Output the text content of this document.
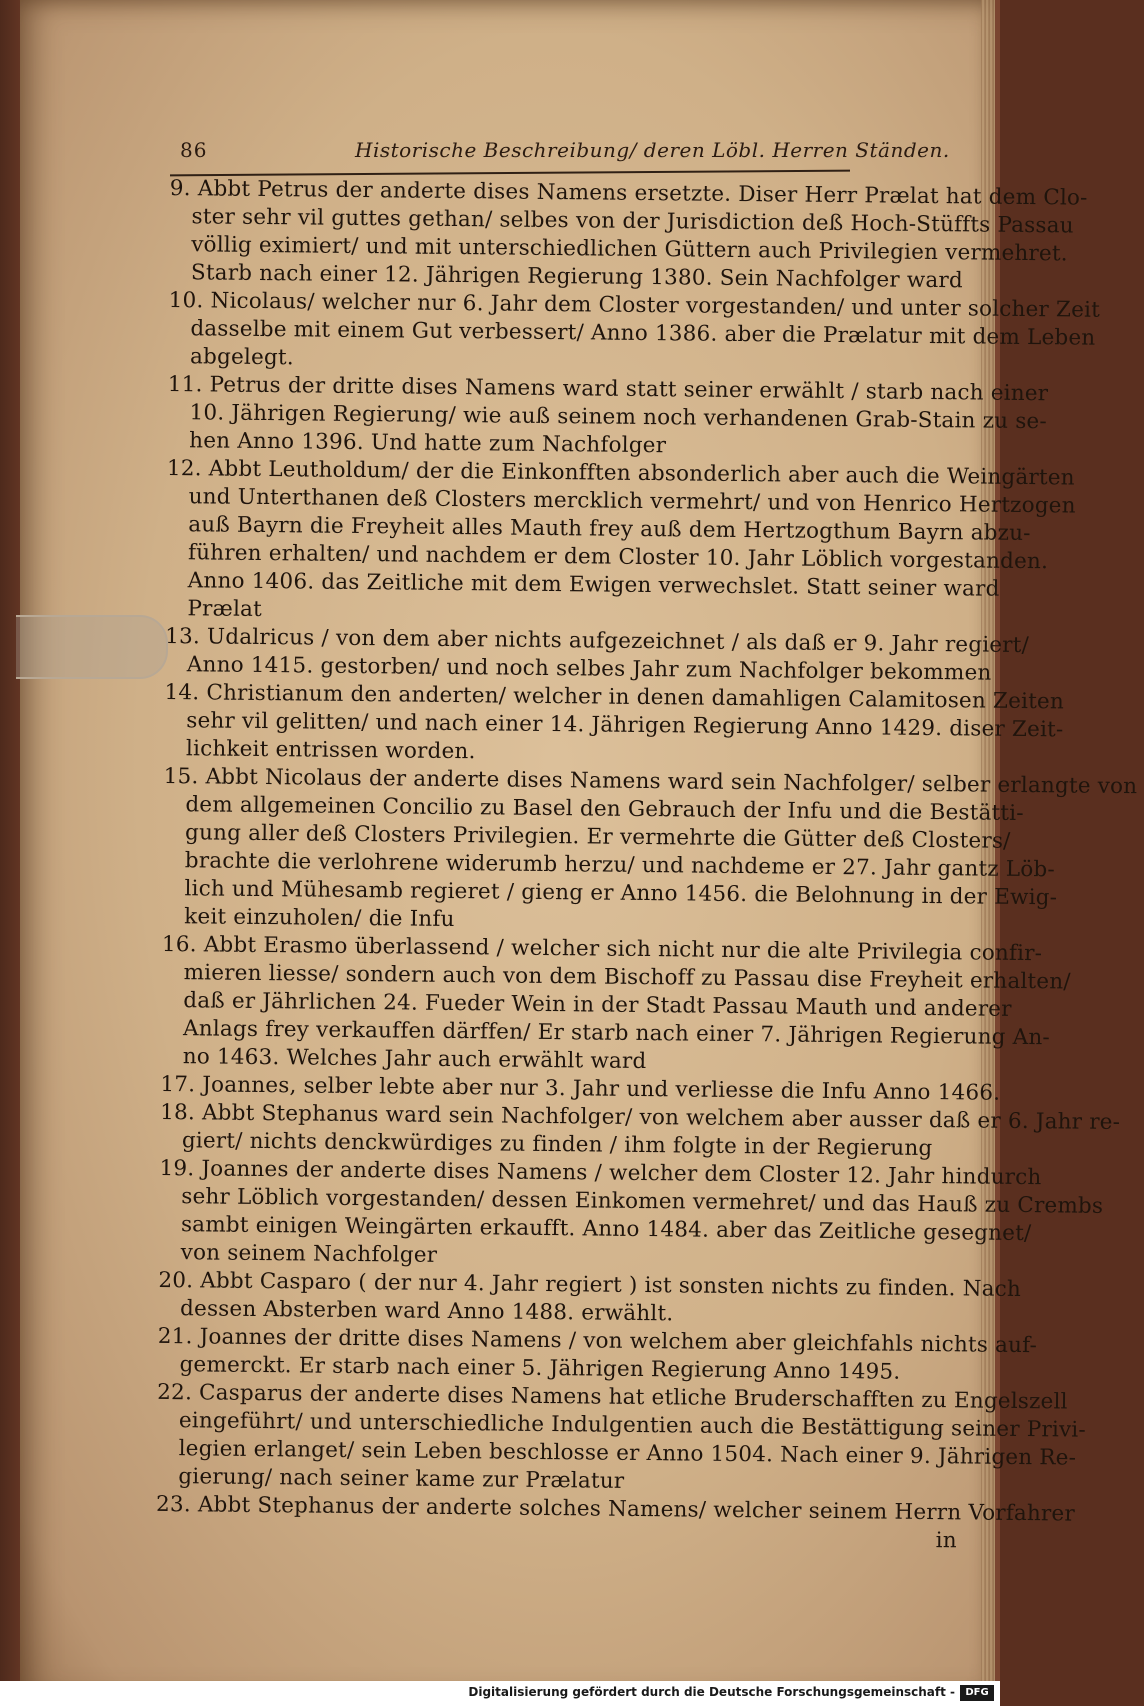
86	Historische Beschreibung/ deren Löbl. Herren Ständen.
9. Abbt Petrus der anderte dises Namens ersetzte. Diser Herr Prælat hat dem Clo-
ster sehr vil guttes gethan/ selbes von der Jurisdiction deß Hoch-Stüffts Passau
völlig eximiert/ und mit unterschiedlichen Güttern auch Privilegien vermehret.
Starb nach einer 12. Jährigen Regierung 1380. Sein Nachfolger ward
10. Nicolaus/ welcher nur 6. Jahr dem Closter vorgestanden/ und unter solcher Zeit
dasselbe mit einem Gut verbessert/ Anno 1386. aber die Prælatur mit dem Leben
abgelegt.
11. Petrus der dritte dises Namens ward statt seiner erwählt / starb nach einer
10. Jährigen Regierung/ wie auß seinem noch verhandenen Grab-Stain zu se-
hen Anno 1396. Und hatte zum Nachfolger
12. Abbt Leutholdum/ der die Einkonfften absonderlich aber auch die Weingärten
und Unterthanen deß Closters mercklich vermehrt/ und von Henrico Hertzogen
auß Bayrn die Freyheit alles Mauth frey auß dem Hertzogthum Bayrn abzu-
führen erhalten/ und nachdem er dem Closter 10. Jahr Löblich vorgestanden.
Anno 1406. das Zeitliche mit dem Ewigen verwechslet. Statt seiner ward
Prælat
13. Udalricus / von dem aber nichts aufgezeichnet / als daß er 9. Jahr regiert/
Anno 1415. gestorben/ und noch selbes Jahr zum Nachfolger bekommen
14. Christianum den anderten/ welcher in denen damahligen Calamitosen Zeiten
sehr vil gelitten/ und nach einer 14. Jährigen Regierung Anno 1429. diser Zeit-
lichkeit entrissen worden.
15. Abbt Nicolaus der anderte dises Namens ward sein Nachfolger/ selber erlangte von
dem allgemeinen Concilio zu Basel den Gebrauch der Infu und die Bestätti-
gung aller deß Closters Privilegien. Er vermehrte die Gütter deß Closters/
brachte die verlohrene widerumb herzu/ und nachdeme er 27. Jahr gantz Löb-
lich und Mühesamb regieret / gieng er Anno 1456. die Belohnung in der Ewig-
keit einzuholen/ die Infu
16. Abbt Erasmo überlassend / welcher sich nicht nur die alte Privilegia confir-
mieren liesse/ sondern auch von dem Bischoff zu Passau dise Freyheit erhalten/
daß er Jährlichen 24. Fueder Wein in der Stadt Passau Mauth und anderer
Anlags frey verkauffen därffen/ Er starb nach einer 7. Jährigen Regierung An-
no 1463. Welches Jahr auch erwählt ward
17. Joannes, selber lebte aber nur 3. Jahr und verliesse die Infu Anno 1466.
18. Abbt Stephanus ward sein Nachfolger/ von welchem aber ausser daß er 6. Jahr re-
giert/ nichts denckwürdiges zu finden / ihm folgte in der Regierung
19. Joannes der anderte dises Namens / welcher dem Closter 12. Jahr hindurch
sehr Löblich vorgestanden/ dessen Einkomen vermehret/ und das Hauß zu Crembs
sambt einigen Weingärten erkaufft. Anno 1484. aber das Zeitliche gesegnet/
von seinem Nachfolger
20. Abbt Casparo ( der nur 4. Jahr regiert ) ist sonsten nichts zu finden. Nach
dessen Absterben ward Anno 1488. erwählt.
21. Joannes der dritte dises Namens / von welchem aber gleichfahls nichts auf-
gemerckt. Er starb nach einer 5. Jährigen Regierung Anno 1495.
22. Casparus der anderte dises Namens hat etliche Bruderschafften zu Engelszell
eingeführt/ und unterschiedliche Indulgentien auch die Bestättigung seiner Privi-
legien erlanget/ sein Leben beschlosse er Anno 1504. Nach einer 9. Jährigen Re-
gierung/ nach seiner kame zur Prælatur
23. Abbt Stephanus der anderte solches Namens/ welcher seinem Herrn Vorfahrer
in
Digitalisierung gefördert durch die Deutsche Forschungsgemeinschaft -	DFG
